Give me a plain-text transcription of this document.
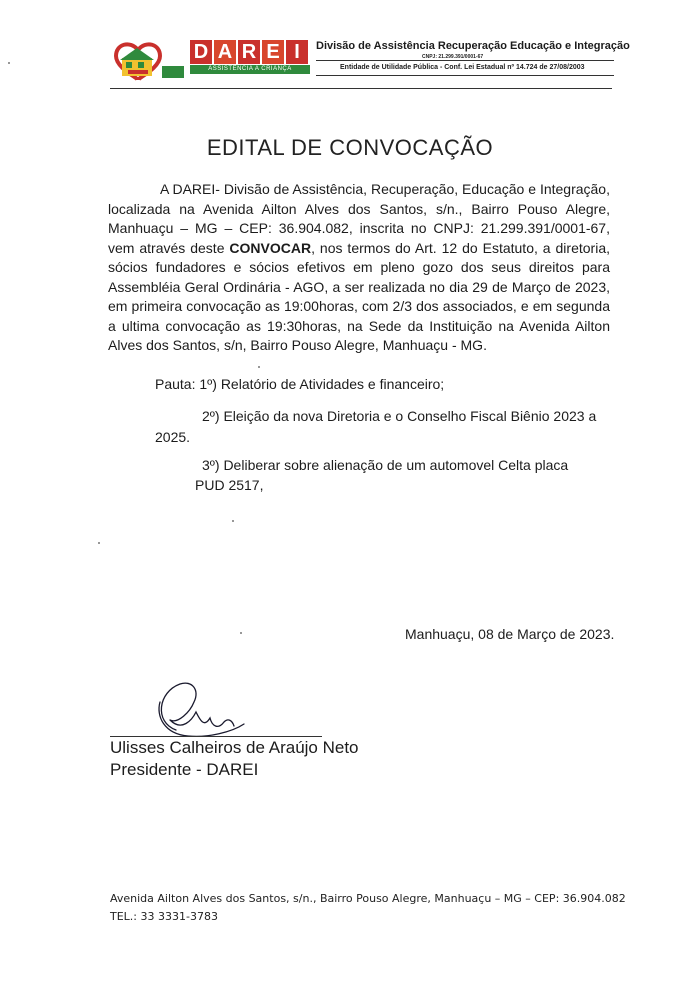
D A R E I
ASSISTÊNCIA A CRIANÇA
Divisão de Assistência Recuperação Educação e Integração
CNPJ: 21.299.391/0001-67
Entidade de Utilidade Pública - Conf. Lei Estadual nº 14.724 de 27/08/2003
EDITAL DE CONVOCAÇÃO

A DAREI- Divisão de Assistência, Recuperação, Educação e Integração, localizada na Avenida Ailton Alves dos Santos, s/n., Bairro Pouso Alegre, Manhuaçu – MG – CEP: 36.904.082, inscrita no CNPJ: 21.299.391/0001-67, vem através deste CONVOCAR, nos termos do Art. 12 do Estatuto, a diretoria, sócios fundadores e sócios efetivos em pleno gozo dos seus direitos para Assembléia Geral Ordinária - AGO, a ser realizada no dia 29 de Março de 2023, em primeira convocação as 19:00horas, com 2/3 dos associados, e em segunda a ultima convocação as 19:30horas, na Sede da Instituição na Avenida Ailton Alves dos Santos, s/n, Bairro Pouso Alegre, Manhuaçu - MG.

Pauta: 1º) Relatório de Atividades e financeiro;
2º) Eleição da nova Diretoria e o Conselho Fiscal Biênio 2023 a
2025.
3º) Deliberar sobre alienação de um automovel Celta placa
PUD 2517,
Manhuaçu, 08 de Março de 2023.
Ulisses Calheiros de Araújo Neto
Presidente - DAREI
Avenida Ailton Alves dos Santos, s/n., Bairro Pouso Alegre, Manhuaçu – MG – CEP: 36.904.082
TEL.: 33 3331-3783
